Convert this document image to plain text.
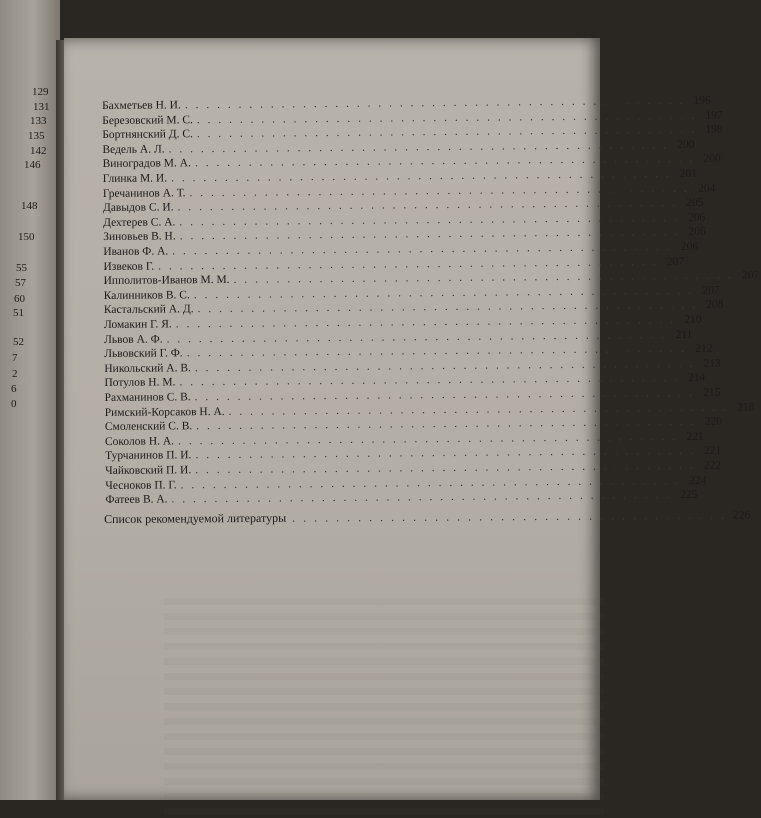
129
131
133
135
142
146
148
150
55
57
60
51
52
7
2
6
0
Бахметьев Н. И. . . . . . . . . . . . . . . . . . . . . . . . . . . . . . . . . . . . . . . . . . . . . . . . 196
Березовский М. С. . . . . . . . . . . . . . . . . . . . . . . . . . . . . . . . . . . . . . . . . . . . . . . . 197
Бортнянский Д. С. . . . . . . . . . . . . . . . . . . . . . . . . . . . . . . . . . . . . . . . . . . . . . . . 198
Ведель А. Л. . . . . . . . . . . . . . . . . . . . . . . . . . . . . . . . . . . . . . . . . . . . . . . . 200
Виноградов М. А. . . . . . . . . . . . . . . . . . . . . . . . . . . . . . . . . . . . . . . . . . . . . . . . 200
Глинка М. И. . . . . . . . . . . . . . . . . . . . . . . . . . . . . . . . . . . . . . . . . . . . . . . . 201
Гречанинов А. Т. . . . . . . . . . . . . . . . . . . . . . . . . . . . . . . . . . . . . . . . . . . . . . . . 204
Давыдов С. И. . . . . . . . . . . . . . . . . . . . . . . . . . . . . . . . . . . . . . . . . . . . . . . . 205
Дехтерев С. А. . . . . . . . . . . . . . . . . . . . . . . . . . . . . . . . . . . . . . . . . . . . . . . . 206
Зиновьев В. Н. . . . . . . . . . . . . . . . . . . . . . . . . . . . . . . . . . . . . . . . . . . . . . . . 206
Иванов Ф. А. . . . . . . . . . . . . . . . . . . . . . . . . . . . . . . . . . . . . . . . . . . . . . . . 206
Извеков Г. . . . . . . . . . . . . . . . . . . . . . . . . . . . . . . . . . . . . . . . . . . . . . . . 207
Ипполитов-Иванов М. М. . . . . . . . . . . . . . . . . . . . . . . . . . . . . . . . . . . . . . . . . . . . . . . . 207
Калинников В. С. . . . . . . . . . . . . . . . . . . . . . . . . . . . . . . . . . . . . . . . . . . . . . . . 207
Кастальский А. Д. . . . . . . . . . . . . . . . . . . . . . . . . . . . . . . . . . . . . . . . . . . . . . . . 208
Ломакин Г. Я. . . . . . . . . . . . . . . . . . . . . . . . . . . . . . . . . . . . . . . . . . . . . . . . 210
Львов А. Ф. . . . . . . . . . . . . . . . . . . . . . . . . . . . . . . . . . . . . . . . . . . . . . . . 211
Львовский Г. Ф. . . . . . . . . . . . . . . . . . . . . . . . . . . . . . . . . . . . . . . . . . . . . . . . 212
Никольский А. В. . . . . . . . . . . . . . . . . . . . . . . . . . . . . . . . . . . . . . . . . . . . . . . . 213
Потулов Н. М. . . . . . . . . . . . . . . . . . . . . . . . . . . . . . . . . . . . . . . . . . . . . . . . 214
Рахманинов С. В. . . . . . . . . . . . . . . . . . . . . . . . . . . . . . . . . . . . . . . . . . . . . . . . 215
Римский-Корсаков Н. А. . . . . . . . . . . . . . . . . . . . . . . . . . . . . . . . . . . . . . . . . . . . . . . . 218
Смоленский С. В. . . . . . . . . . . . . . . . . . . . . . . . . . . . . . . . . . . . . . . . . . . . . . . . 220
Соколов Н. А. . . . . . . . . . . . . . . . . . . . . . . . . . . . . . . . . . . . . . . . . . . . . . . . 221
Турчанинов П. И. . . . . . . . . . . . . . . . . . . . . . . . . . . . . . . . . . . . . . . . . . . . . . . . 221
Чайковский П. И. . . . . . . . . . . . . . . . . . . . . . . . . . . . . . . . . . . . . . . . . . . . . . . . 222
Чесноков П. Г. . . . . . . . . . . . . . . . . . . . . . . . . . . . . . . . . . . . . . . . . . . . . . . . 224
Фатеев В. А. . . . . . . . . . . . . . . . . . . . . . . . . . . . . . . . . . . . . . . . . . . . . . . . 225
Список рекомендуемой литературы . . . . . . . . . . . . . . . . . . . . . . . . . . . . . . . . . . . . . . . . 226
